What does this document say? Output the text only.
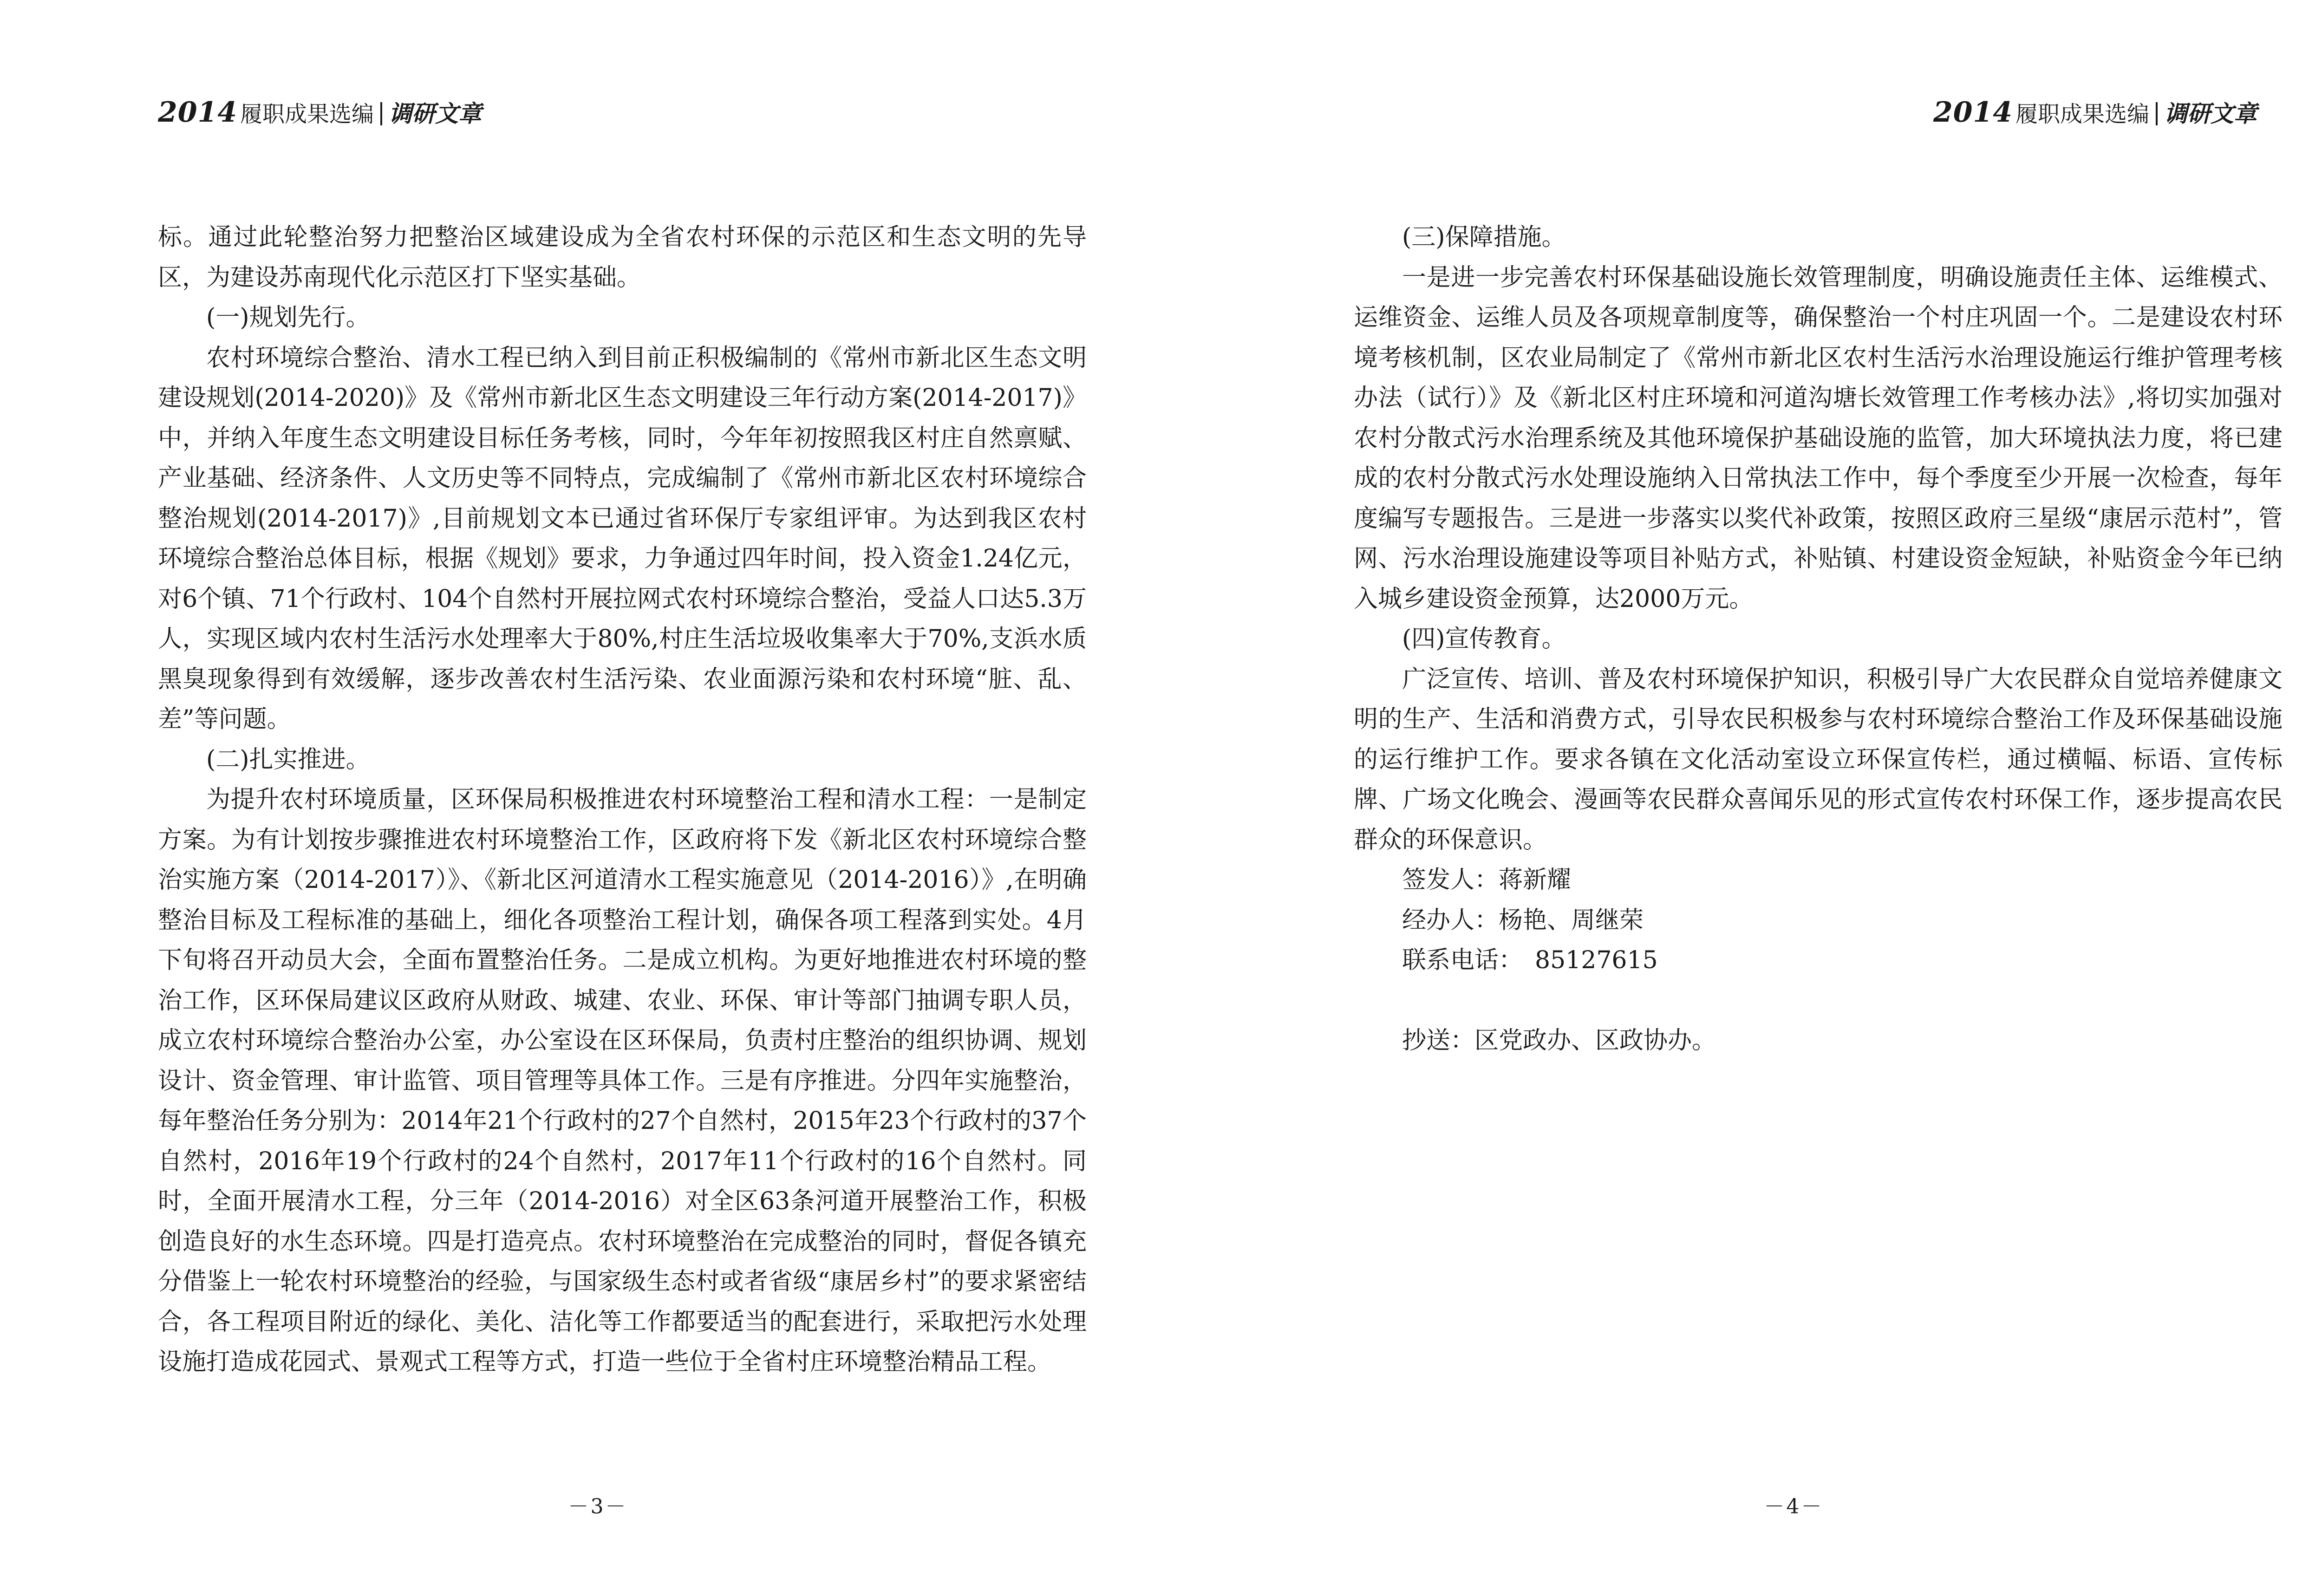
2014 履职成果选编 调研文章

标。通过此轮整治努力把整治区域建设成为全省农村环保的示范区和生态文明的先导区，为建设苏南现代化示范区打下坚实基础。

(一)规划先行。

农村环境综合整治、清水工程已纳入到目前正积极编制的《常州市新北区生态文明建设规划(2014-2020)》及《常州市新北区生态文明建设三年行动方案(2014-2017)》中，并纳入年度生态文明建设目标任务考核，同时，今年年初按照我区村庄自然禀赋、产业基础、经济条件、人文历史等不同特点，完成编制了《常州市新北区农村环境综合整治规划(2014-2017)》,目前规划文本已通过省环保厅专家组评审。为达到我区农村环境综合整治总体目标，根据《规划》要求，力争通过四年时间，投入资金1.24亿元，对6个镇、71个行政村、104个自然村开展拉网式农村环境综合整治，受益人口达5.3万人，实现区域内农村生活污水处理率大于80%,村庄生活垃圾收集率大于70%,支浜水质黑臭现象得到有效缓解，逐步改善农村生活污染、农业面源污染和农村环境“脏、乱、差”等问题。

(二)扎实推进。

为提升农村环境质量，区环保局积极推进农村环境整治工程和清水工程：一是制定方案。为有计划按步骤推进农村环境整治工作，区政府将下发《新北区农村环境综合整治实施方案（2014-2017）》、《新北区河道清水工程实施意见（2014-2016）》,在明确整治目标及工程标准的基础上，细化各项整治工程计划，确保各项工程落到实处。4月下旬将召开动员大会，全面布置整治任务。二是成立机构。为更好地推进农村环境的整治工作，区环保局建议区政府从财政、城建、农业、环保、审计等部门抽调专职人员，成立农村环境综合整治办公室，办公室设在区环保局，负责村庄整治的组织协调、规划设计、资金管理、审计监管、项目管理等具体工作。三是有序推进。分四年实施整治，每年整治任务分别为：2014年21个行政村的27个自然村，2015年23个行政村的37个自然村，2016年19个行政村的24个自然村，2017年11个行政村的16个自然村。同时，全面开展清水工程，分三年（2014-2016）对全区63条河道开展整治工作，积极创造良好的水生态环境。四是打造亮点。农村环境整治在完成整治的同时，督促各镇充分借鉴上一轮农村环境整治的经验，与国家级生态村或者省级“康居乡村”的要求紧密结合，各工程项目附近的绿化、美化、洁化等工作都要适当的配套进行，采取把污水处理设施打造成花园式、景观式工程等方式，打造一些位于全省村庄环境整治精品工程。

－3－
2014 履职成果选编 调研文章

(三)保障措施。

一是进一步完善农村环保基础设施长效管理制度，明确设施责任主体、运维模式、运维资金、运维人员及各项规章制度等，确保整治一个村庄巩固一个。二是建设农村环境考核机制，区农业局制定了《常州市新北区农村生活污水治理设施运行维护管理考核办法（试行）》及《新北区村庄环境和河道沟塘长效管理工作考核办法》,将切实加强对农村分散式污水治理系统及其他环境保护基础设施的监管，加大环境执法力度，将已建成的农村分散式污水处理设施纳入日常执法工作中，每个季度至少开展一次检查，每年度编写专题报告。三是进一步落实以奖代补政策，按照区政府三星级“康居示范村”，管网、污水治理设施建设等项目补贴方式，补贴镇、村建设资金短缺，补贴资金今年已纳入城乡建设资金预算，达2000万元。

(四)宣传教育。

广泛宣传、培训、普及农村环境保护知识，积极引导广大农民群众自觉培养健康文明的生产、生活和消费方式，引导农民积极参与农村环境综合整治工作及环保基础设施的运行维护工作。要求各镇在文化活动室设立环保宣传栏，通过横幅、标语、宣传标牌、广场文化晚会、漫画等农民群众喜闻乐见的形式宣传农村环保工作，逐步提高农民群众的环保意识。

签发人：蒋新耀

经办人：杨艳、周继荣

联系电话：　85127615

抄送：区党政办、区政协办。

－4－
